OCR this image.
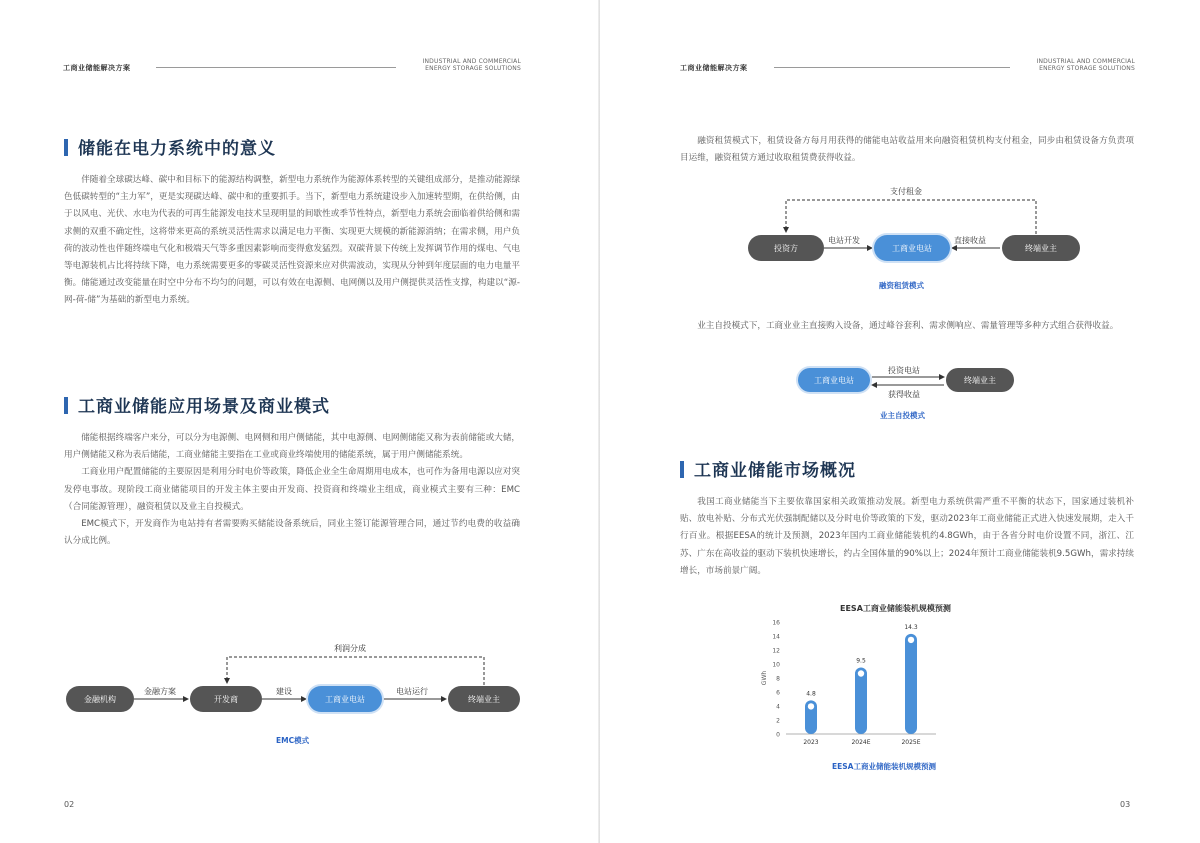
工商业储能解决方案
INDUSTRIAL AND COMMERCIAL
ENERGY STORAGE SOLUTIONS
储能在电力系统中的意义

伴随着全球碳达峰、碳中和目标下的能源结构调整，新型电力系统作为能源体系转型的关键组成部分，是推动能源绿色低碳转型的“主力军”，更是实现碳达峰、碳中和的重要抓手。当下，新型电力系统建设步入加速转型期，在供给侧，由于以风电、光伏、水电为代表的可再生能源发电技术呈现明显的间歇性或季节性特点，新型电力系统会面临着供给侧和需求侧的双重不确定性，这将带来更高的系统灵活性需求以满足电力平衡、实现更大规模的新能源消纳；在需求侧，用户负荷的波动性也伴随终端电气化和极端天气等多重因素影响而变得愈发猛烈。双碳背景下传统上发挥调节作用的煤电、气电等电源装机占比将持续下降，电力系统需要更多的零碳灵活性资源来应对供需波动，实现从分钟到年度层面的电力电量平衡。储能通过改变能量在时空中分布不均匀的问题，可以有效在电源侧、电网侧以及用户侧提供灵活性支撑，构建以“源-网-荷-储”为基础的新型电力系统。

工商业储能应用场景及商业模式

储能根据终端客户来分，可以分为电源侧、电网侧和用户侧储能，其中电源侧、电网侧储能又称为表前储能或大储，用户侧储能又称为表后储能，工商业储能主要指在工业或商业终端使用的储能系统，属于用户侧储能系统。

工商业用户配置储能的主要原因是利用分时电价等政策，降低企业全生命周期用电成本，也可作为备用电源以应对突发停电事故。现阶段工商业储能项目的开发主体主要由开发商、投资商和终端业主组成，商业模式主要有三种：EMC（合同能源管理），融资租赁以及业主自投模式。

EMC模式下，开发商作为电站持有者需要购买储能设备系统后，同业主签订能源管理合同，通过节约电费的收益确认分成比例。

金融机构	开发商	工商业电站	终端业主
金融方案	建设	电站运行
利润分成
EMC模式
02
工商业储能解决方案
INDUSTRIAL AND COMMERCIAL
ENERGY STORAGE SOLUTIONS

融资租赁模式下，租赁设备方每月用获得的储能电站收益用来向融资租赁机构支付租金，同步由租赁设备方负责项目运维，融资租赁方通过收取租赁费获得收益。

投资方	工商业电站	终端业主
电站开发	直接收益
支付租金
融资租赁模式

业主自投模式下，工商业业主直接购入设备，通过峰谷套利、需求侧响应、需量管理等多种方式组合获得收益。

工商业电站	终端业主
投资电站
获得收益
业主自投模式
工商业储能市场概况

我国工商业储能当下主要依靠国家相关政策推动发展。新型电力系统供需严重不平衡的状态下，国家通过装机补贴、放电补贴、分布式光伏强制配储以及分时电价等政策的下发，驱动2023年工商业储能正式进入快速发展期，走入千行百业。根据EESA的统计及预测，2023年国内工商业储能装机约4.8GWh，由于各省分时电价设置不同，浙江、江苏、广东在高收益的驱动下装机快速增长，约占全国体量的90%以上；2024年预计工商业储能装机9.5GWh，需求持续增长，市场前景广阔。

EESA工商业储能装机规模预测
0
2
4
6
8
10
12
14
16
GWh
4.8
2023
9.5
2024E
14.3
2025E
EESA工商业储能装机规模预测
03
